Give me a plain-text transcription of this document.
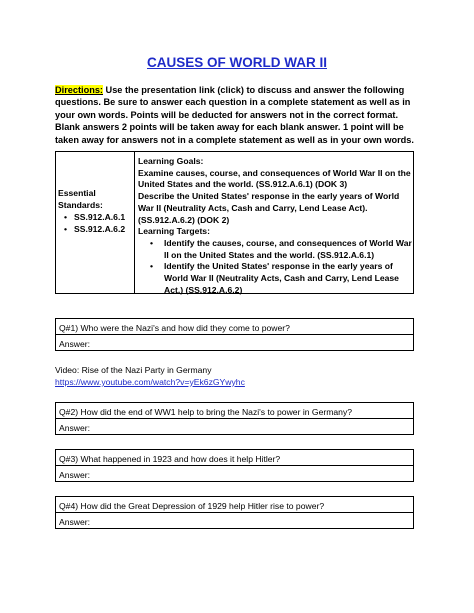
CAUSES OF WORLD WAR II
Directions: Use the presentation link (click) to discuss and answer the following questions. Be sure to answer each question in a complete statement as well as in your own words. Points will be deducted for answers not in the correct format. Blank answers 2 points will be taken away for each blank answer. 1 point will be taken away for answers not in a complete statement as well as in your own words.
Essential Standards:
• SS.912.A.6.1
• SS.912.A.6.2
Learning Goals:
Examine causes, course, and consequences of World War II on the United States and the world. (SS.912.A.6.1) (DOK 3)
Describe the United States' response in the early years of World War II (Neutrality Acts, Cash and Carry, Lend Lease Act). (SS.912.A.6.2) (DOK 2)
Learning Targets:
• Identify the causes, course, and consequences of World War II on the United States and the world. (SS.912.A.6.1)
• Identify the United States' response in the early years of World War II (Neutrality Acts, Cash and Carry, Lend Lease Act.) (SS.912.A.6.2)
Q#1) Who were the Nazi's and how did they come to power?
Answer:
Video: Rise of the Nazi Party in Germany
https://www.youtube.com/watch?v=yEk6zGYwyhc
Q#2) How did the end of WW1 help to bring the Nazi's to power in Germany?
Answer:
Q#3) What happened in 1923 and how does it help Hitler?
Answer:
Q#4) How did the Great Depression of 1929 help Hitler rise to power?
Answer:
